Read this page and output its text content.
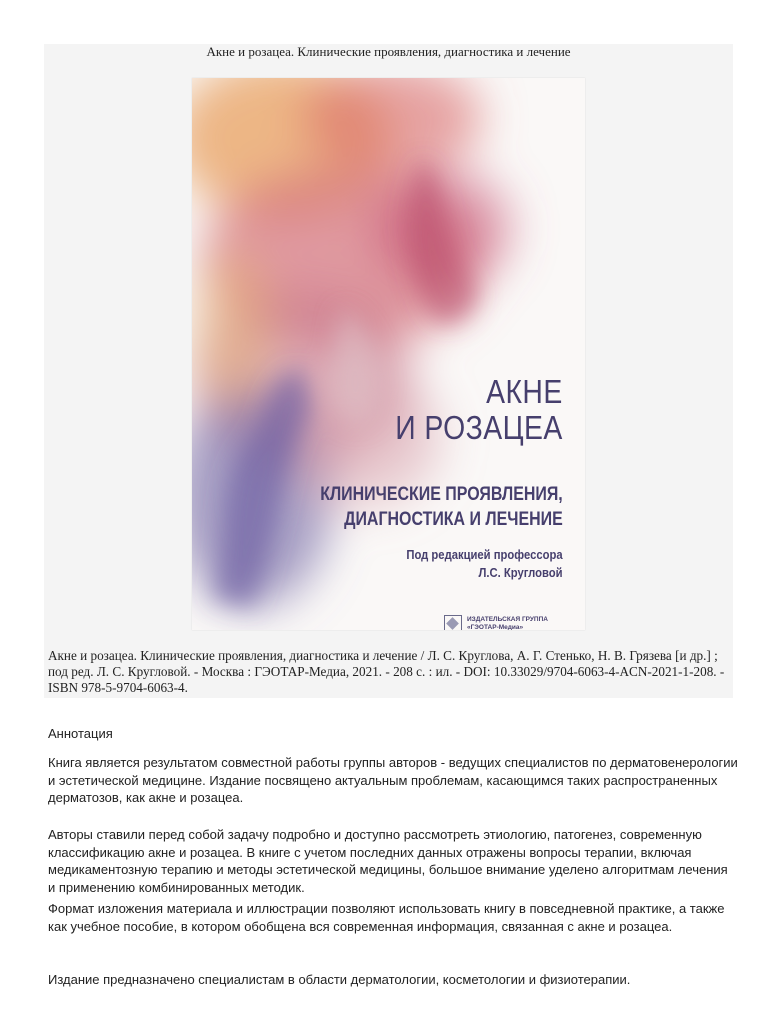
Акне и розацеа. Клинические проявления, диагностика и лечение
АКНЕ
И РОЗАЦЕА
КЛИНИЧЕСКИЕ ПРОЯВЛЕНИЯ,
ДИАГНОСТИКА И ЛЕЧЕНИЕ
Под редакцией профессора
Л.С. Кругловой
ИЗДАТЕЛЬСКАЯ ГРУППА
«ГЭОТАР-Медиа»
Акне и розацеа. Клинические проявления, диагностика и лечение / Л. С. Круглова, А. Г. Стенько, Н. В. Грязева [и др.] ; под ред. Л. С. Кругловой. - Москва : ГЭОТАР-Медиа, 2021. - 208 с. : ил. - DOI: 10.33029/9704-6063-4-ACN-2021-1-208. - ISBN 978-5-9704-6063-4.
Аннотация

Книга является результатом совместной работы группы авторов - ведущих специалистов по дерматовенерологии и эстетической медицине. Издание посвящено актуальным проблемам, касающимся таких распространенных дерматозов, как акне и розацеа.

Авторы ставили перед собой задачу подробно и доступно рассмотреть этиологию, патогенез, современную классификацию акне и розацеа. В книге с учетом последних данных отражены вопросы терапии, включая медикаментозную терапию и методы эстетической медицины, большое внимание уделено алгоритмам лечения и применению комбинированных методик.

Формат изложения материала и иллюстрации позволяют использовать книгу в повседневной практике, а также как учебное пособие, в котором обобщена вся современная информация, связанная с акне и розацеа.

Издание предназначено специалистам в области дерматологии, косметологии и физиотерапии.
